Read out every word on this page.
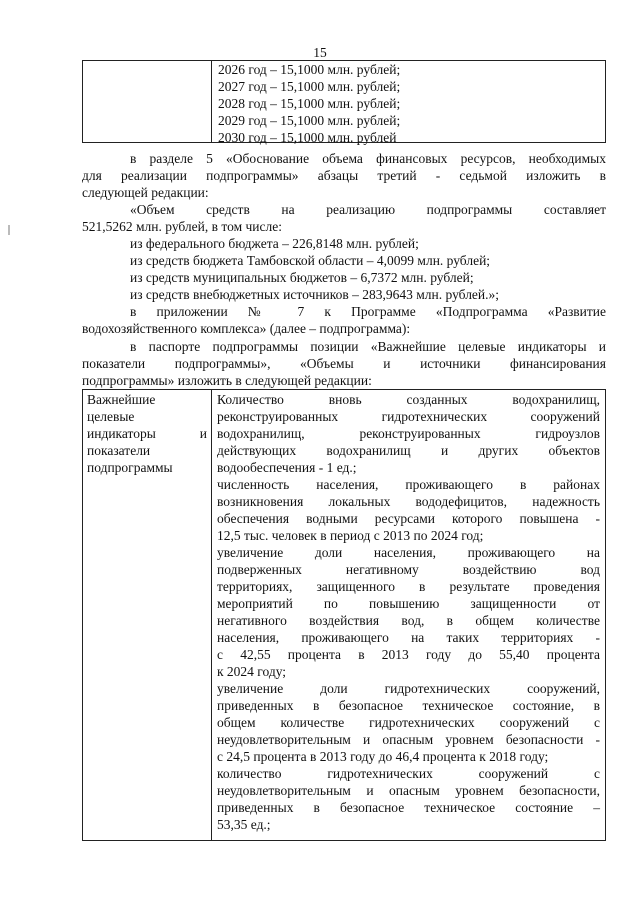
15
2026 год – 15,1000 млн. рублей;
2027 год – 15,1000 млн. рублей;
2028 год – 15,1000 млн. рублей;
2029 год – 15,1000 млн. рублей;
2030 год – 15,1000 млн. рублей
в разделе 5 «Обоснование объема финансовых ресурсов, необходимых
для реализации подпрограммы» абзацы третий - седьмой изложить в
следующей редакции:
«Объем средств на реализацию подпрограммы составляет
521,5262 млн. рублей, в том числе:
из федерального бюджета – 226,8148 млн. рублей;
из средств бюджета Тамбовской области – 4,0099 млн. рублей;
из средств муниципальных бюджетов – 6,7372 млн. рублей;
из средств внебюджетных источников – 283,9643 млн. рублей.»;
в приложении № 7 к Программе «Подпрограмма «Развитие
водохозяйственного комплекса» (далее – подпрограмма):
в паспорте подпрограммы позиции «Важнейшие целевые индикаторы и
показатели подпрограммы», «Объемы и источники финансирования
подпрограммы» изложить в следующей редакции:
Важнейшие
целевые
индикаторы и
показатели
подпрограммы
Количество вновь созданных водохранилищ,
реконструированных гидротехнических сооружений
водохранилищ, реконструированных гидроузлов
действующих водохранилищ и других объектов
водообеспечения - 1 ед.;
численность населения, проживающего в районах
возникновения локальных вододефицитов, надежность
обеспечения водными ресурсами которого повышена -
12,5 тыс. человек в период с 2013 по 2024 год;
увеличение доли населения, проживающего на
подверженных негативному воздействию вод
территориях, защищенного в результате проведения
мероприятий по повышению защищенности от
негативного воздействия вод, в общем количестве
населения, проживающего на таких территориях -
с 42,55 процента в 2013 году до 55,40 процента
к 2024 году;
увеличение доли гидротехнических сооружений,
приведенных в безопасное техническое состояние, в
общем количестве гидротехнических сооружений с
неудовлетворительным и опасным уровнем безопасности -
с 24,5 процента в 2013 году до 46,4 процента к 2018 году;
количество гидротехнических сооружений с
неудовлетворительным и опасным уровнем безопасности,
приведенных в безопасное техническое состояние –
53,35 ед.;
